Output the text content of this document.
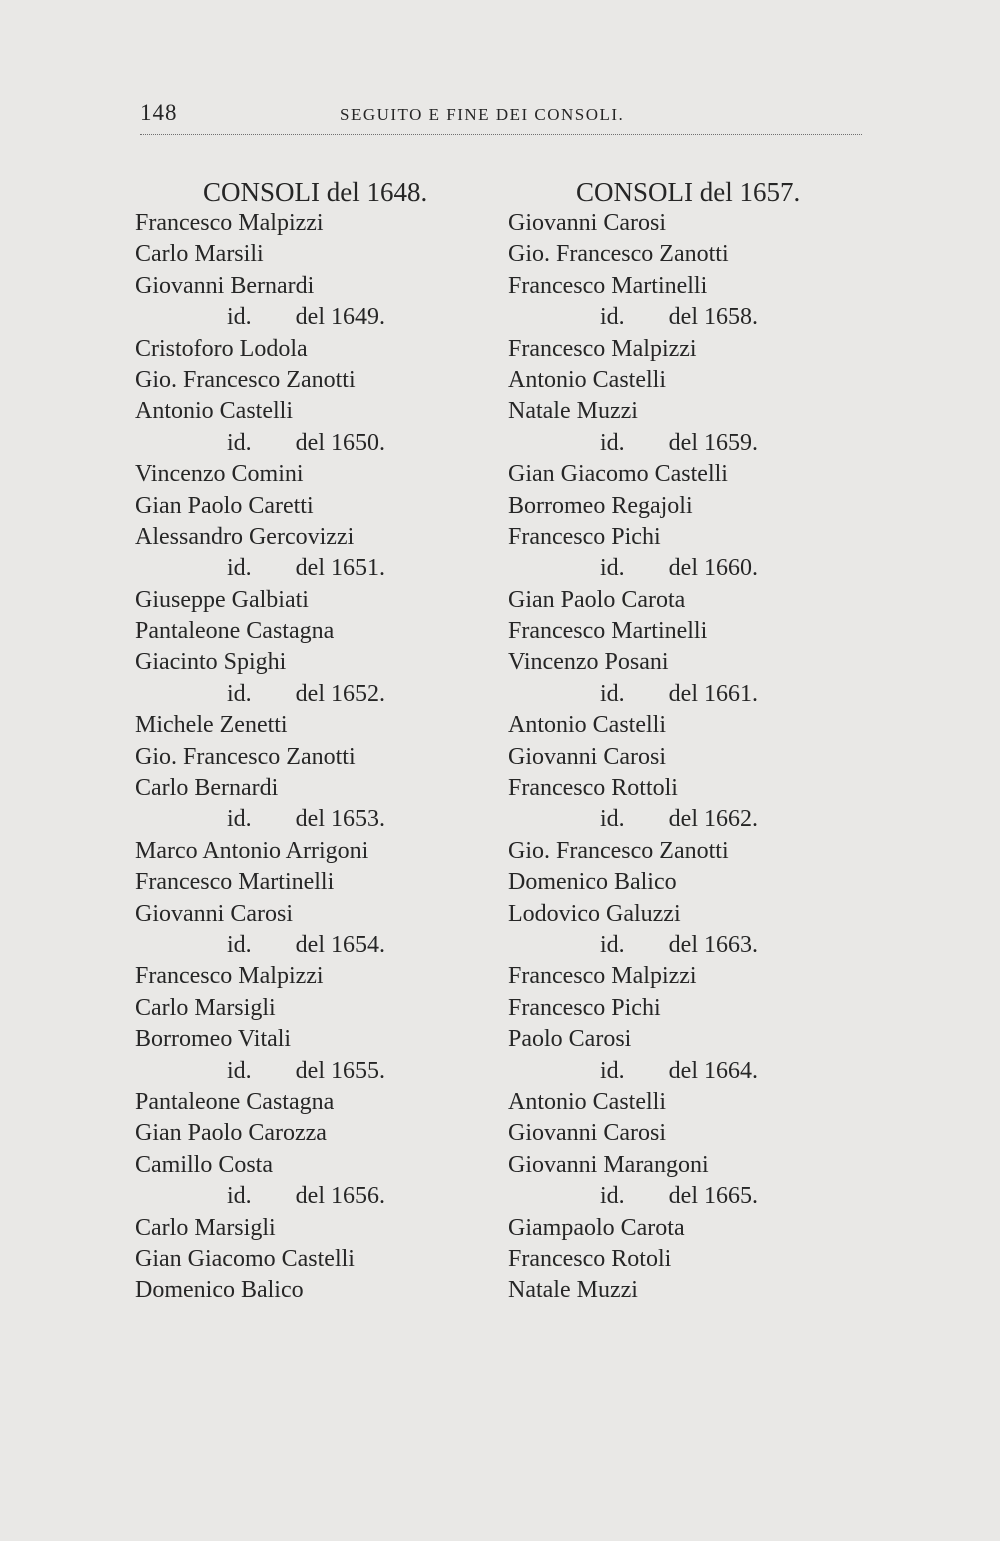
148	SEGUITO E FINE DEI CONSOLI.
CONSOLI del 1648.
Francesco Malpizzi
Carlo Marsili
Giovanni Bernardi
id. del 1649.
Cristoforo Lodola
Gio. Francesco Zanotti
Antonio Castelli
id. del 1650.
Vincenzo Comini
Gian Paolo Caretti
Alessandro Gercovizzi
id. del 1651.
Giuseppe Galbiati
Pantaleone Castagna
Giacinto Spighi
id. del 1652.
Michele Zenetti
Gio. Francesco Zanotti
Carlo Bernardi
id. del 1653.
Marco Antonio Arrigoni
Francesco Martinelli
Giovanni Carosi
id. del 1654.
Francesco Malpizzi
Carlo Marsigli
Borromeo Vitali
id. del 1655.
Pantaleone Castagna
Gian Paolo Carozza
Camillo Costa
id. del 1656.
Carlo Marsigli
Gian Giacomo Castelli
Domenico Balico
CONSOLI del 1657.
Giovanni Carosi
Gio. Francesco Zanotti
Francesco Martinelli
id. del 1658.
Francesco Malpizzi
Antonio Castelli
Natale Muzzi
id. del 1659.
Gian Giacomo Castelli
Borromeo Regajoli
Francesco Pichi
id. del 1660.
Gian Paolo Carota
Francesco Martinelli
Vincenzo Posani
id. del 1661.
Antonio Castelli
Giovanni Carosi
Francesco Rottoli
id. del 1662.
Gio. Francesco Zanotti
Domenico Balico
Lodovico Galuzzi
id. del 1663.
Francesco Malpizzi
Francesco Pichi
Paolo Carosi
id. del 1664.
Antonio Castelli
Giovanni Carosi
Giovanni Marangoni
id. del 1665.
Giampaolo Carota
Francesco Rotoli
Natale Muzzi
